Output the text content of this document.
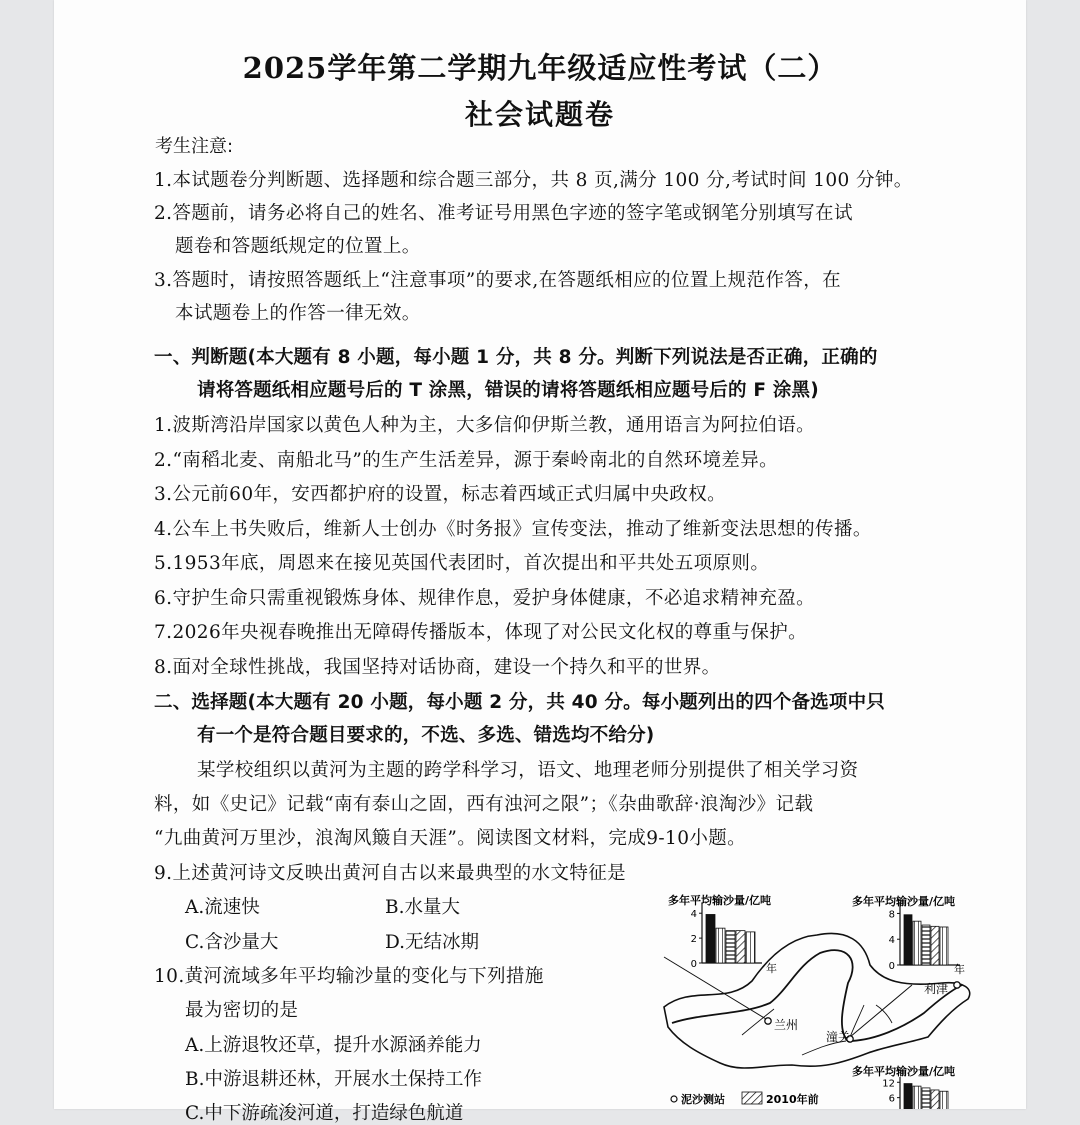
2025学年第二学期九年级适应性考试（二）
社会试题卷
考生注意:
1.本试题卷分判断题、选择题和综合题三部分，共 8 页,满分 100 分,考试时间 100 分钟。
2.答题前，请务必将自己的姓名、准考证号用黑色字迹的签字笔或钢笔分别填写在试
题卷和答题纸规定的位置上。
3.答题时，请按照答题纸上“注意事项”的要求,在答题纸相应的位置上规范作答，在
本试题卷上的作答一律无效。
一、判断题(本大题有 8 小题，每小题 1 分，共 8 分。判断下列说法是否正确，正确的
请将答题纸相应题号后的 T 涂黑，错误的请将答题纸相应题号后的 F 涂黑)
1.波斯湾沿岸国家以黄色人种为主，大多信仰伊斯兰教，通用语言为阿拉伯语。
2.“南稻北麦、南船北马”的生产生活差异，源于秦岭南北的自然环境差异。
3.公元前60年，安西都护府的设置，标志着西域正式归属中央政权。
4.公车上书失败后，维新人士创办《时务报》宣传变法，推动了维新变法思想的传播。
5.1953年底，周恩来在接见英国代表团时，首次提出和平共处五项原则。
6.守护生命只需重视锻炼身体、规律作息，爱护身体健康，不必追求精神充盈。
7.2026年央视春晚推出无障碍传播版本，体现了对公民文化权的尊重与保护。
8.面对全球性挑战，我国坚持对话协商，建设一个持久和平的世界。
二、选择题(本大题有 20 小题，每小题 2 分，共 40 分。每小题列出的四个备选项中只
有一个是符合题目要求的，不选、多选、错选均不给分)
某学校组织以黄河为主题的跨学科学习，语文、地理老师分别提供了相关学习资
料，如《史记》记载“南有泰山之固，西有浊河之限”；《杂曲歌辞·浪淘沙》记载
“九曲黄河万里沙，浪淘风簸自天涯”。阅读图文材料，完成9-10小题。
9.上述黄河诗文反映出黄河自古以来最典型的水文特征是
A.流速快	B.水量大
C.含沙量大	D.无结冰期
10.黄河流域多年平均输沙量的变化与下列措施
最为密切的是
A.上游退牧还草，提升水源涵养能力
B.中游退耕还林，开展水土保持工作
C.中下游疏浚河道，打造绿色航道
兰州
潼关
利津
多年平均输沙量/亿吨	多年平均输沙量/亿吨
多年平均输沙量/亿吨
0
2
4
0
4
8
6
12
年	年
泥沙测站	2010年前
